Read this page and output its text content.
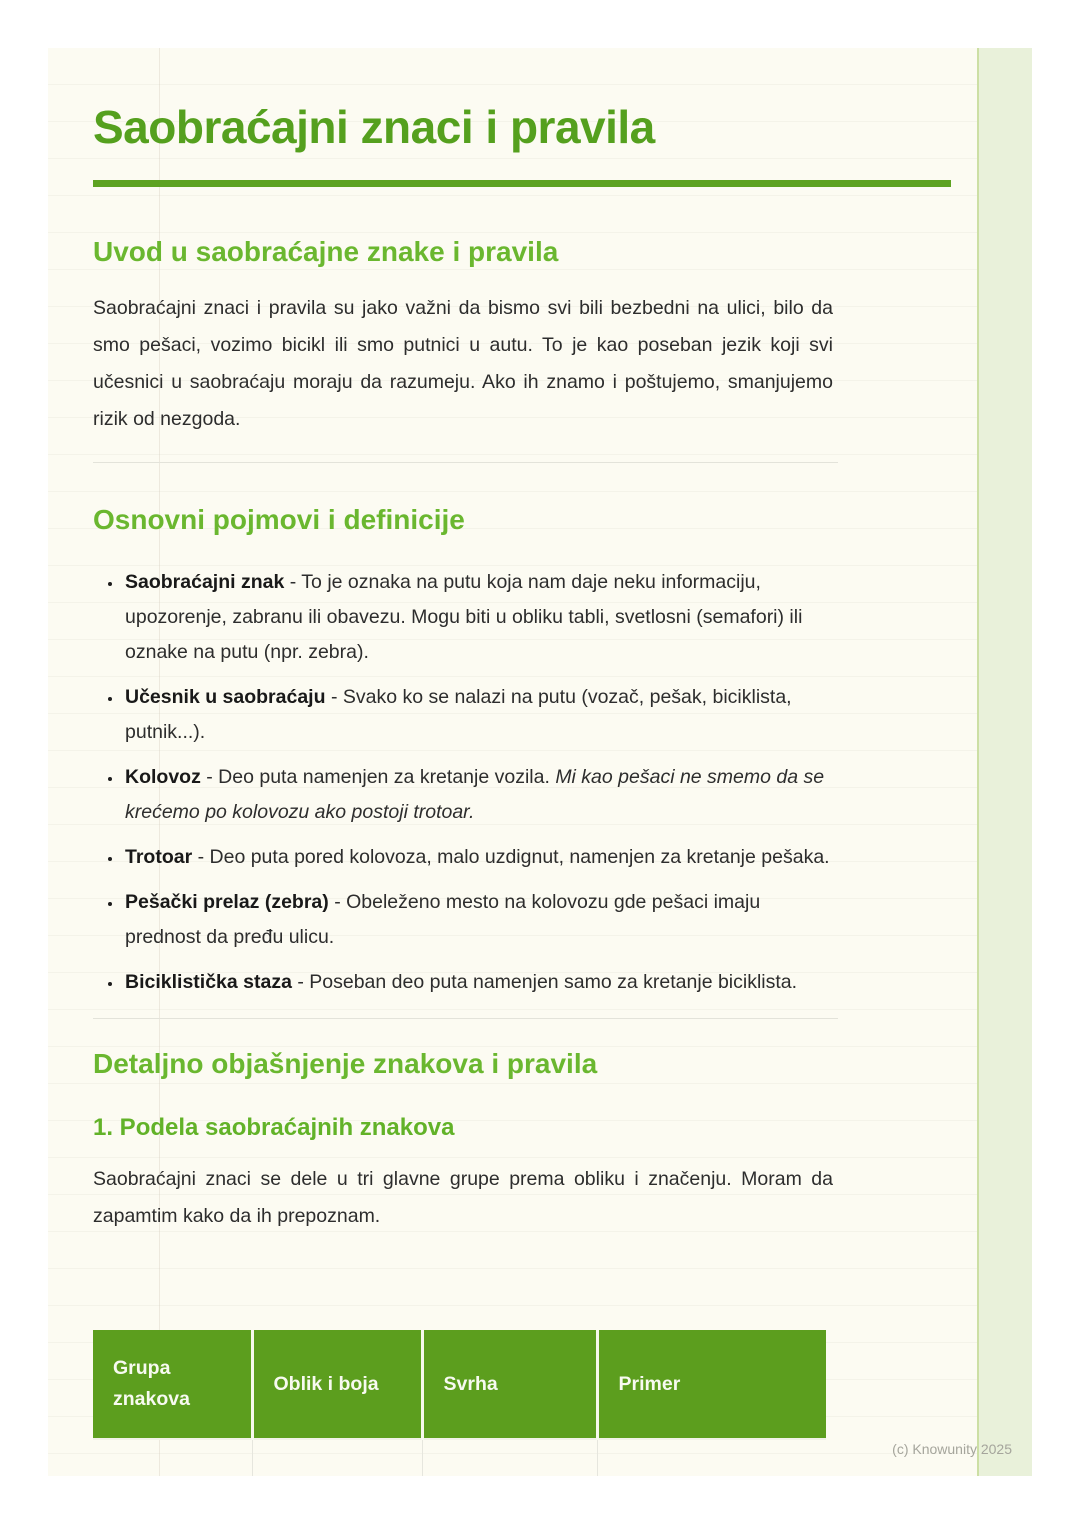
Saobraćajni znaci i pravila
Uvod u saobraćajne znake i pravila

Saobraćajni znaci i pravila su jako važni da bismo svi bili bezbedni na ulici, bilo da smo pešaci, vozimo bicikl ili smo putnici u autu. To je kao poseban jezik koji svi učesnici u saobraćaju moraju da razumeju. Ako ih znamo i poštujemo, smanjujemo rizik od nezgoda.

Osnovni pojmovi i definicije
• Saobraćajni znak - To je oznaka na putu koja nam daje neku informaciju, upozorenje, zabranu ili obavezu. Mogu biti u obliku tabli, svetlosni (semafori) ili oznake na putu (npr. zebra).
• Učesnik u saobraćaju - Svako ko se nalazi na putu (vozač, pešak, biciklista, putnik...).
• Kolovoz - Deo puta namenjen za kretanje vozila. Mi kao pešaci ne smemo da se krećemo po kolovozu ako postoji trotoar.
• Trotoar - Deo puta pored kolovoza, malo uzdignut, namenjen za kretanje pešaka.
• Pešački prelaz (zebra) - Obeleženo mesto na kolovozu gde pešaci imaju prednost da pređu ulicu.
• Biciklistička staza - Poseban deo puta namenjen samo za kretanje biciklista.
Detaljno objašnjenje znakova i pravila
1. Podela saobraćajnih znakova

Saobraćajni znaci se dele u tri glavne grupe prema obliku i značenju. Moram da zapamtim kako da ih prepoznam.

Grupa znakova	Oblik i boja	Svrha	Primer

(c) Knowunity 2025
